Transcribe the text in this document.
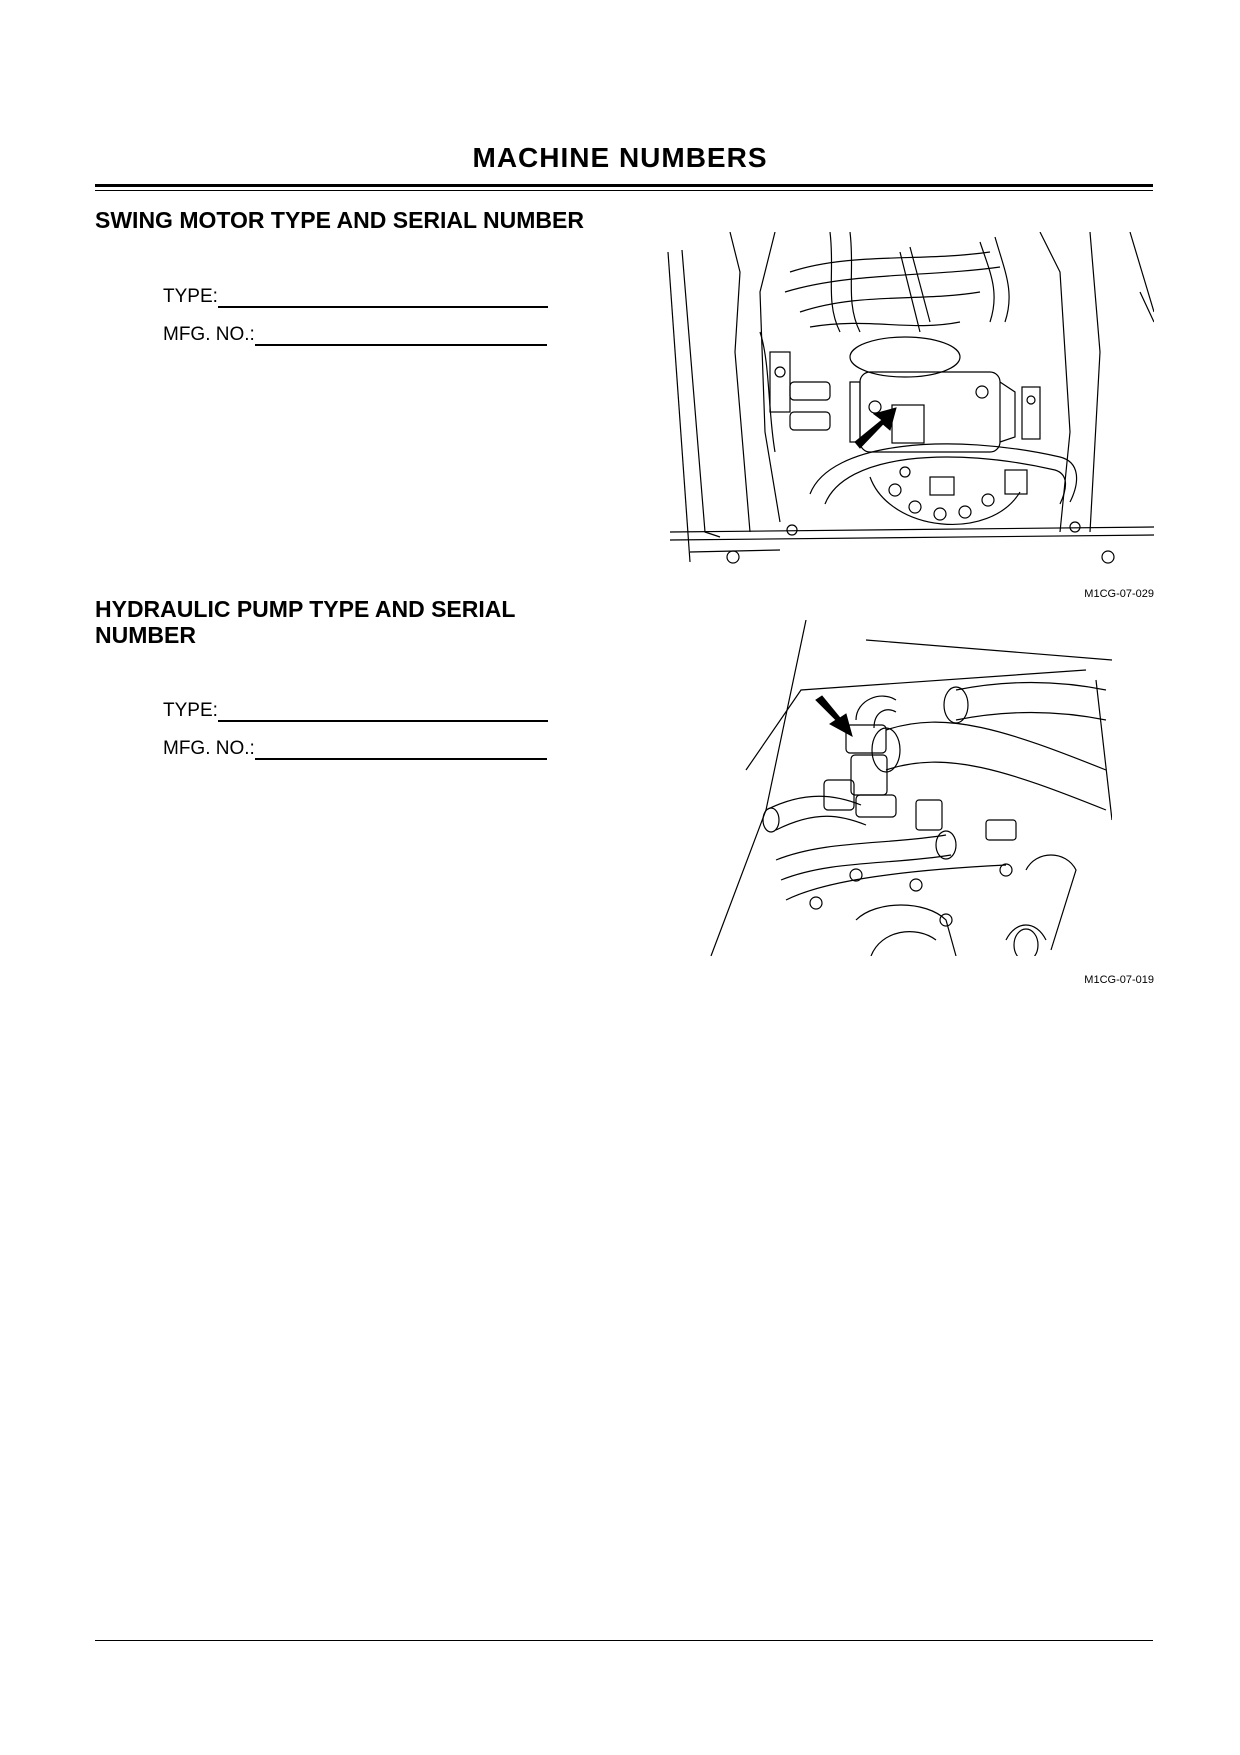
MACHINE NUMBERS
SWING MOTOR TYPE AND SERIAL NUMBER
TYPE:
MFG. NO.:
M1CG-07-029
HYDRAULIC PUMP TYPE AND SERIAL
NUMBER
TYPE:
MFG. NO.:
M1CG-07-019
